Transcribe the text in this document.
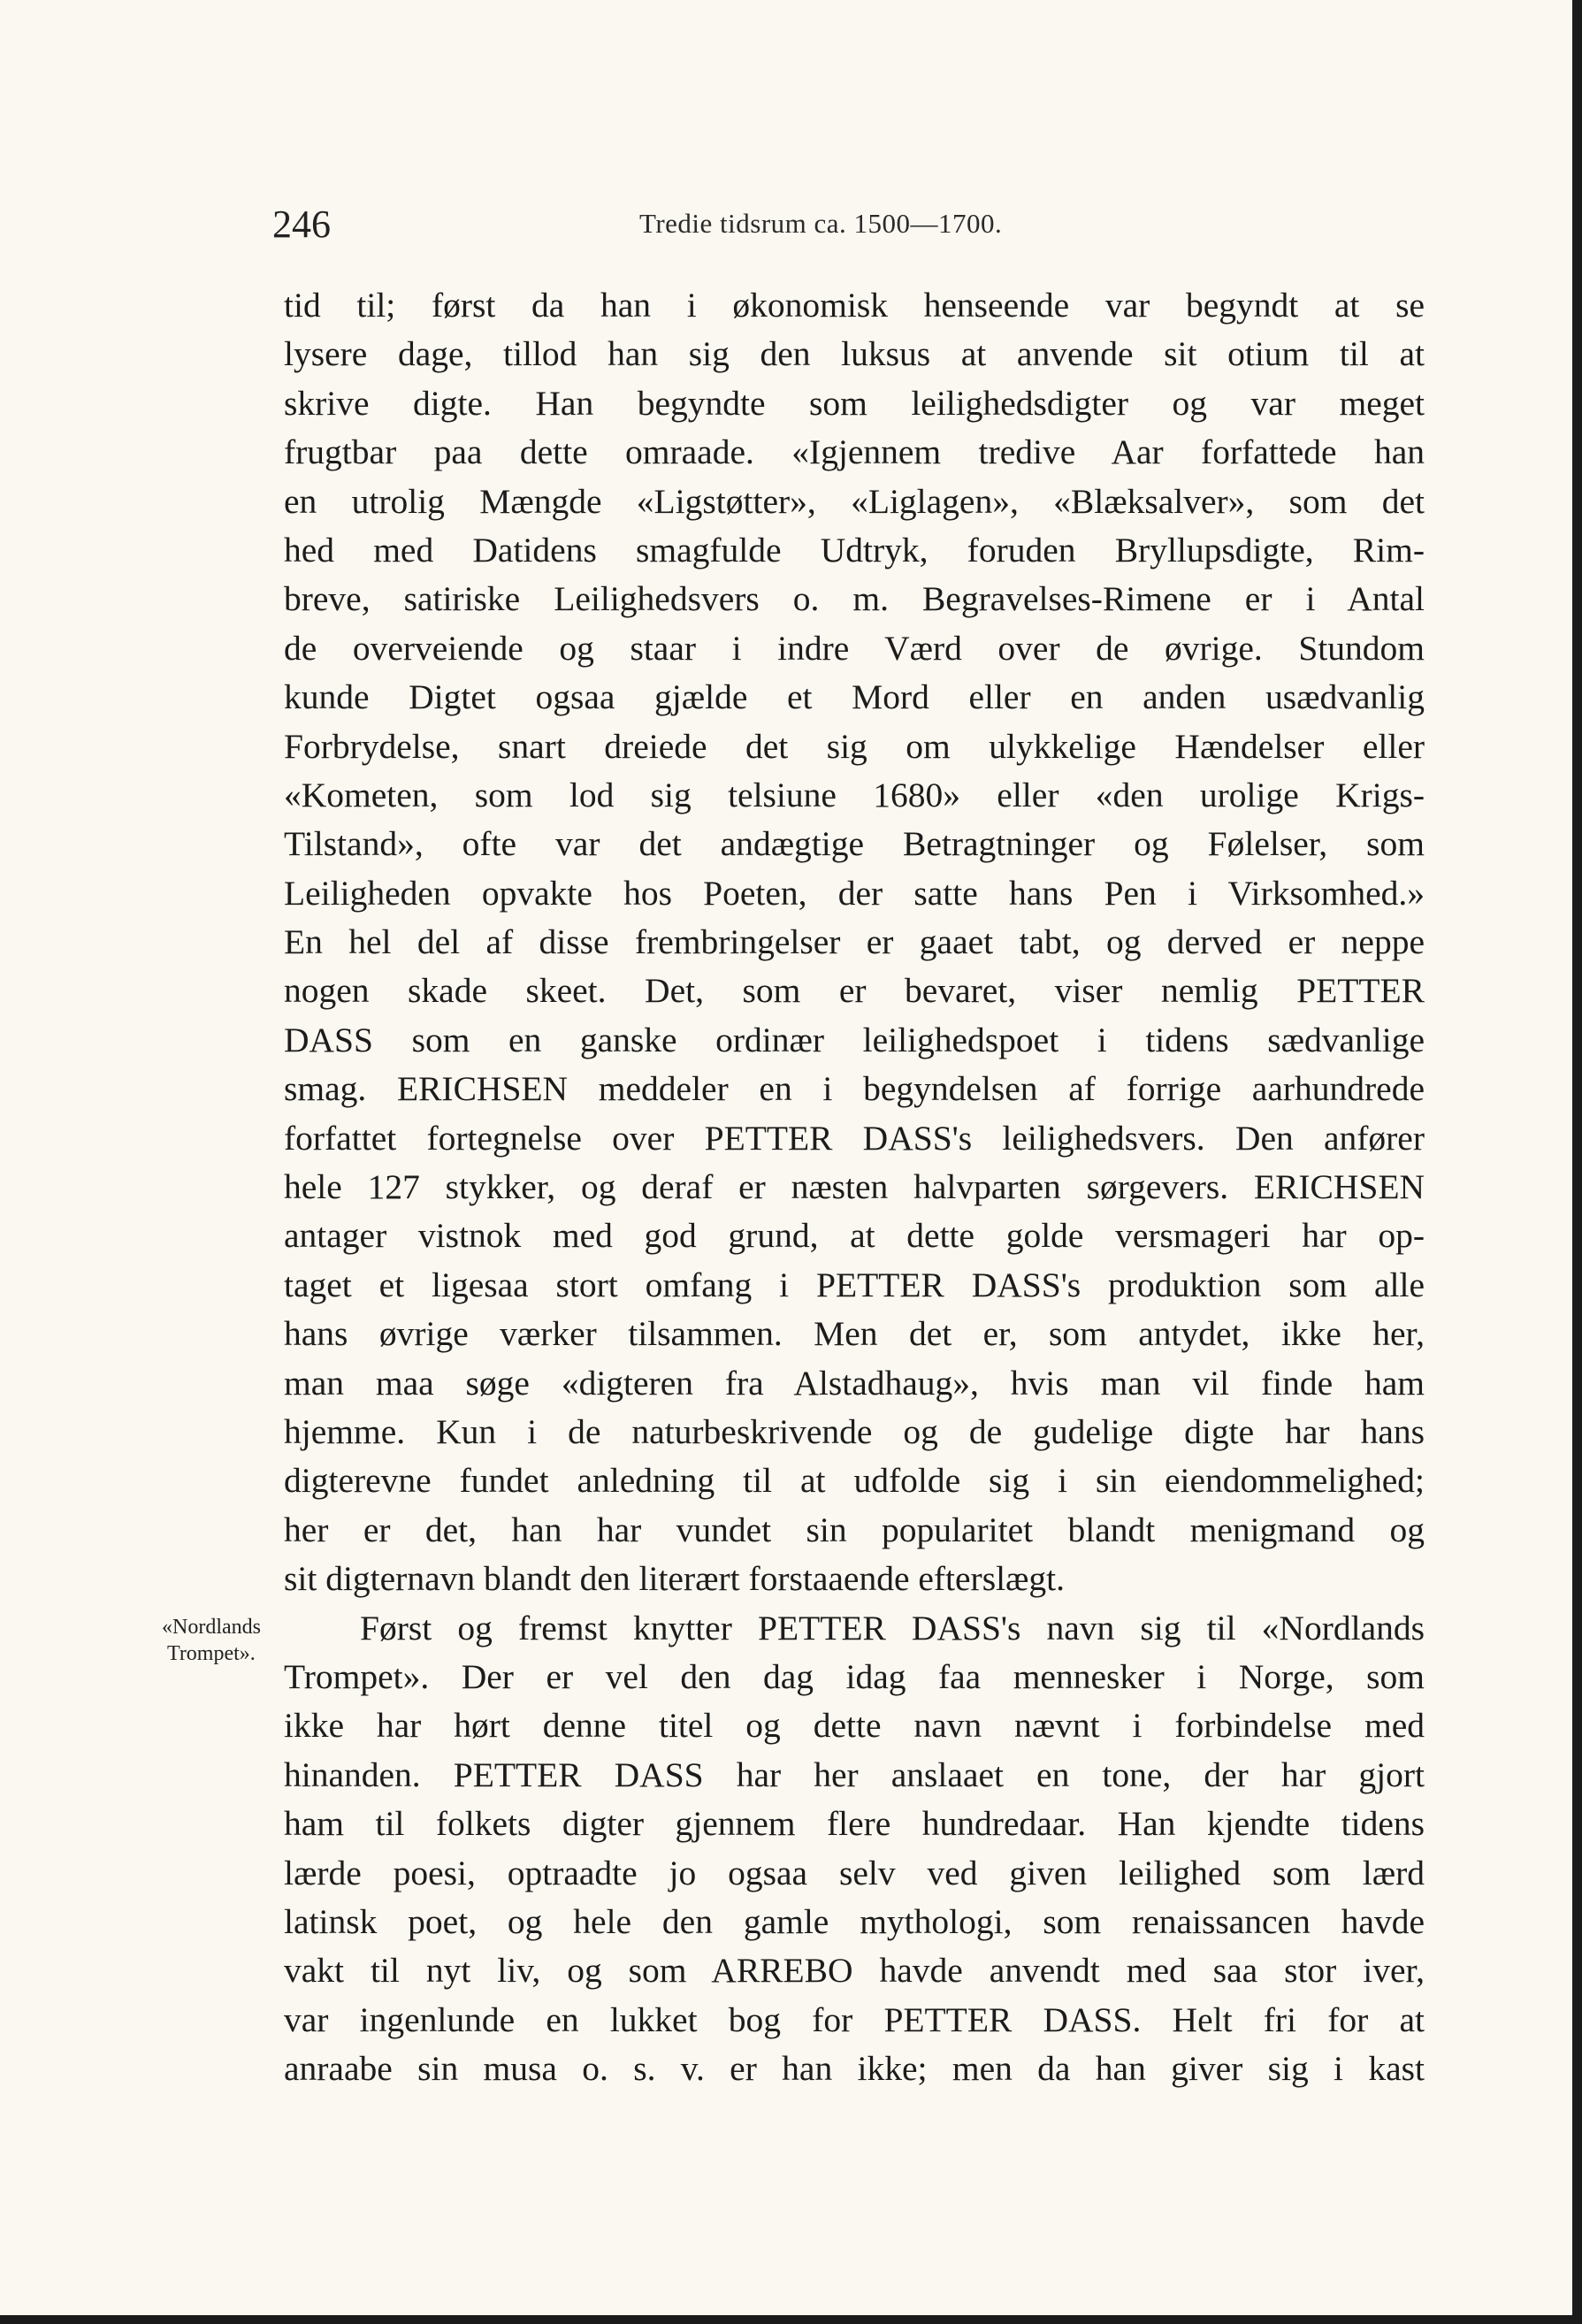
246	Tredie tidsrum ca. 1500—1700.
«Nordlands
Trompet».
tid til; først da han i økonomisk henseende var begyndt at se
lysere dage, tillod han sig den luksus at anvende sit otium til at
skrive digte. Han begyndte som leilighedsdigter og var meget
frugtbar paa dette omraade. «Igjennem tredive Aar forfattede han
en utrolig Mængde «Ligstøtter», «Liglagen», «Blæksalver», som det
hed med Datidens smagfulde Udtryk, foruden Bryllupsdigte, Rim-
breve, satiriske Leilighedsvers o. m. Begravelses-Rimene er i Antal
de overveiende og staar i indre Værd over de øvrige. Stundom
kunde Digtet ogsaa gjælde et Mord eller en anden usædvanlig
Forbrydelse, snart dreiede det sig om ulykkelige Hændelser eller
«Kometen, som lod sig telsiune 1680» eller «den urolige Krigs-
Tilstand», ofte var det andægtige Betragtninger og Følelser, som
Leiligheden opvakte hos Poeten, der satte hans Pen i Virksomhed.»
En hel del af disse frembringelser er gaaet tabt, og derved er neppe
nogen skade skeet. Det, som er bevaret, viser nemlig PETTER
DASS som en ganske ordinær leilighedspoet i tidens sædvanlige
smag. ERICHSEN meddeler en i begyndelsen af forrige aarhundrede
forfattet fortegnelse over PETTER DASS's leilighedsvers. Den anfører
hele 127 stykker, og deraf er næsten halvparten sørgevers. ERICHSEN
antager vistnok med god grund, at dette golde versmageri har op-
taget et ligesaa stort omfang i PETTER DASS's produktion som alle
hans øvrige værker tilsammen. Men det er, som antydet, ikke her,
man maa søge «digteren fra Alstadhaug», hvis man vil finde ham
hjemme. Kun i de naturbeskrivende og de gudelige digte har hans
digterevne fundet anledning til at udfolde sig i sin eiendommelighed;
her er det, han har vundet sin popularitet blandt menigmand og
sit digternavn blandt den literært forstaaende efterslægt.
Først og fremst knytter PETTER DASS's navn sig til «Nordlands
Trompet». Der er vel den dag idag faa mennesker i Norge, som
ikke har hørt denne titel og dette navn nævnt i forbindelse med
hinanden. PETTER DASS har her anslaaet en tone, der har gjort
ham til folkets digter gjennem flere hundredaar. Han kjendte tidens
lærde poesi, optraadte jo ogsaa selv ved given leilighed som lærd
latinsk poet, og hele den gamle mythologi, som renaissancen havde
vakt til nyt liv, og som ARREBO havde anvendt med saa stor iver,
var ingenlunde en lukket bog for PETTER DASS. Helt fri for at
anraabe sin musa o. s. v. er han ikke; men da han giver sig i kast
